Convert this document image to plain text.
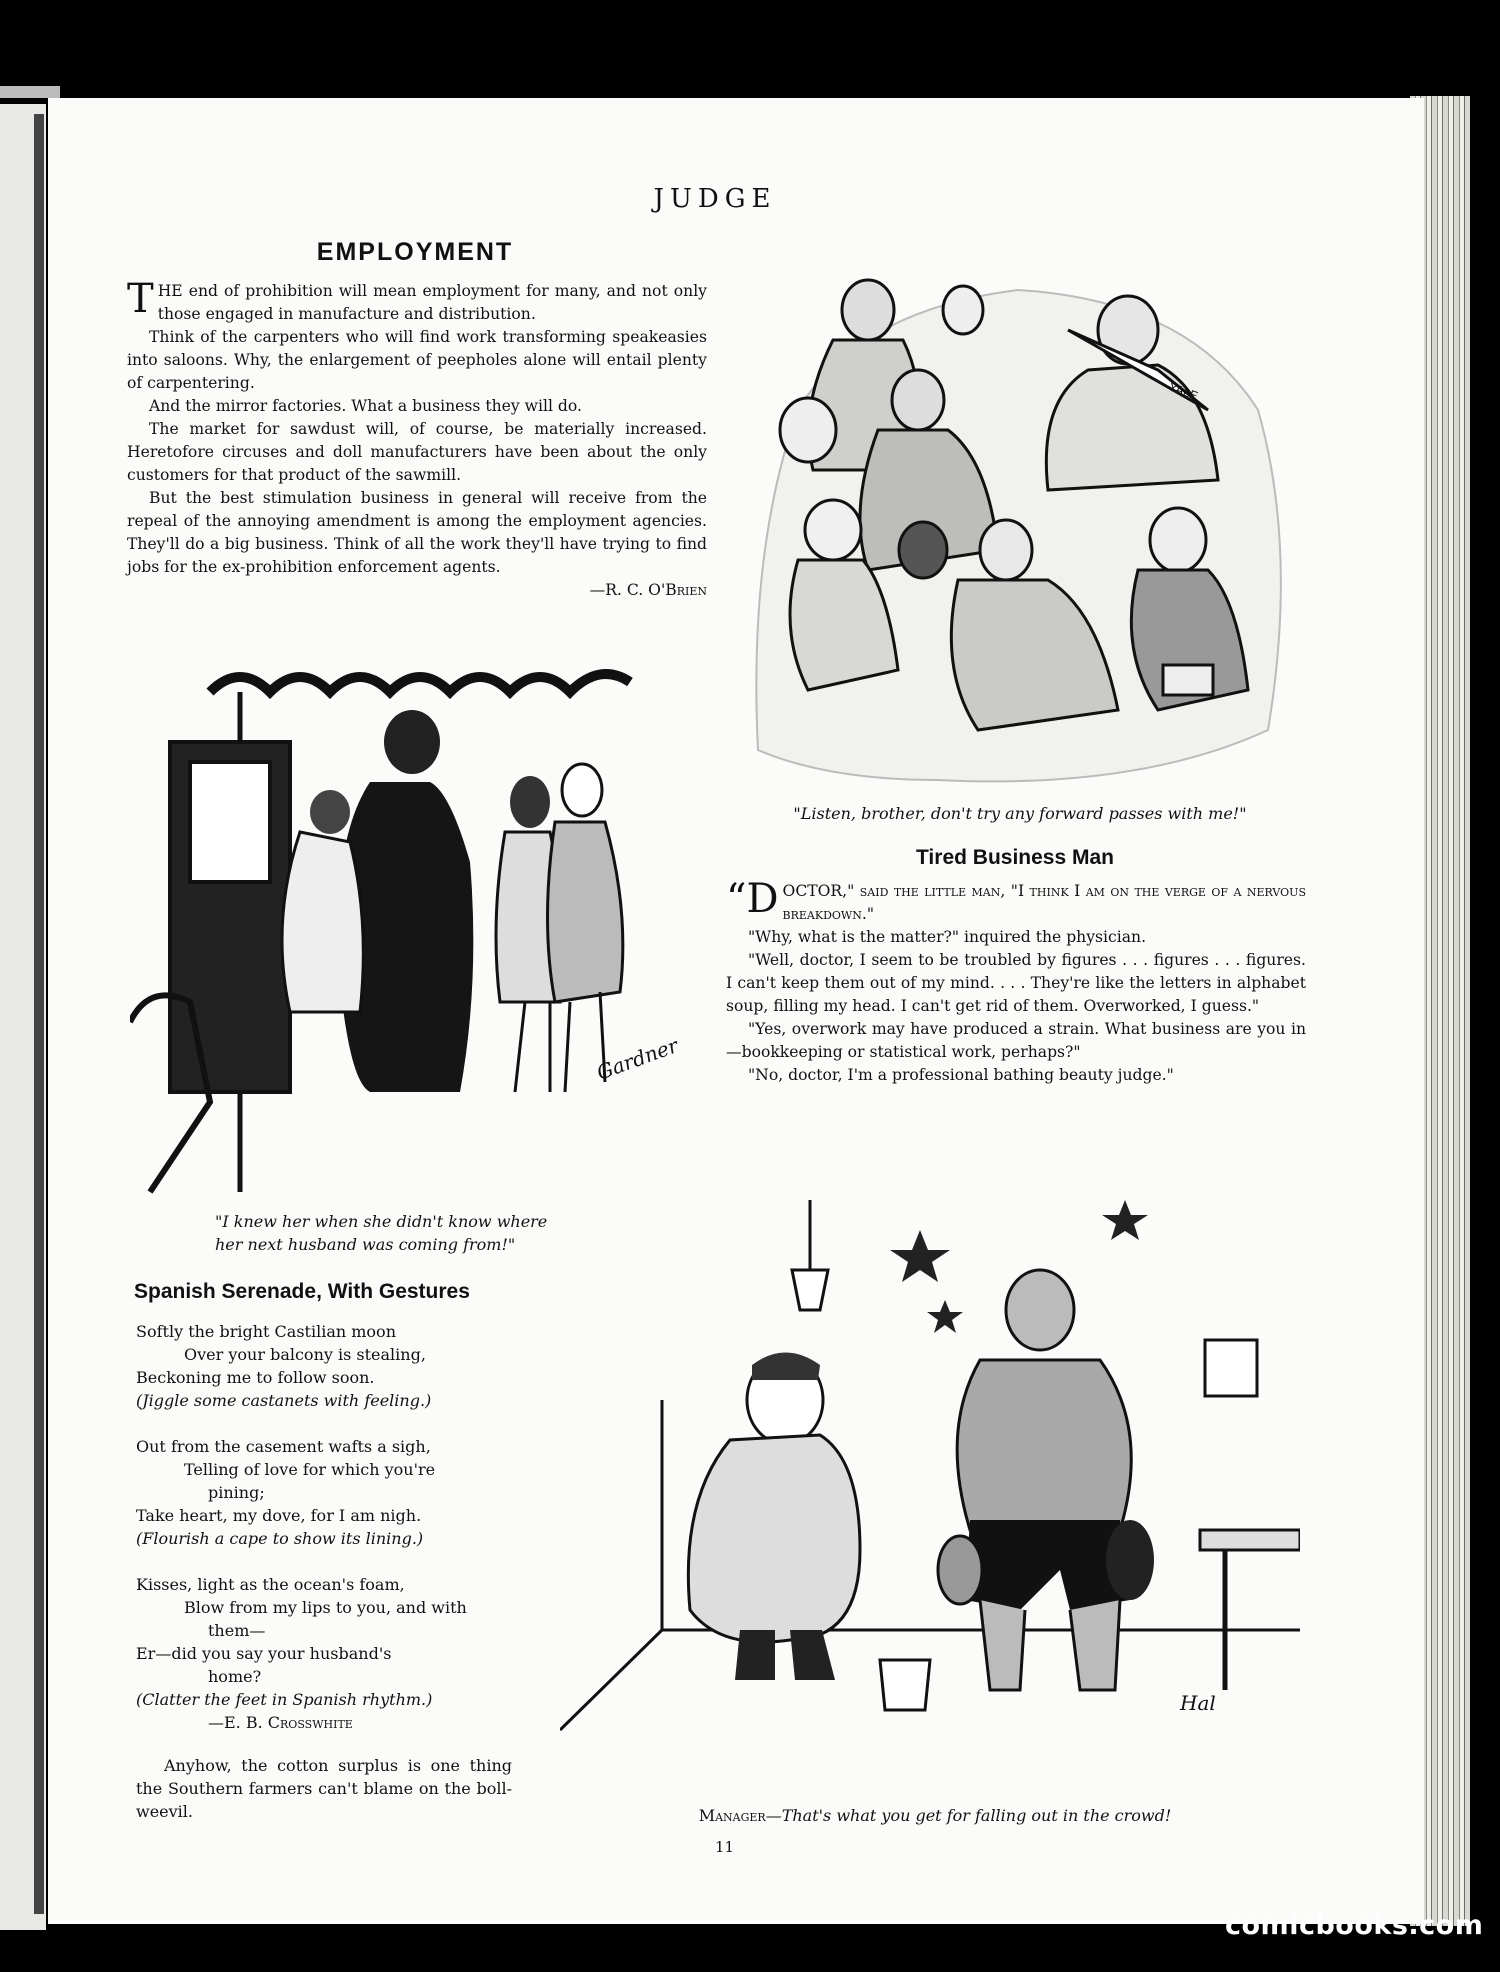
JUDGE
EMPLOYMENT

THE end of prohibition will mean employment for many, and not only those engaged in manufacture and distribution.

Think of the carpenters who will find work transforming speakeasies into saloons. Why, the enlargement of peepholes alone will entail plenty of carpentering.

And the mirror factories. What a business they will do.

The market for sawdust will, of course, be materially increased. Heretofore circuses and doll manufacturers have been about the only customers for that product of the sawmill.

But the best stimulation business in general will receive from the repeal of the annoying amendment is among the employment agencies. They'll do a big business. Think of all the work they'll have trying to find jobs for the ex-prohibition enforcement agents.

—R. C. O'Brien
YALE
"Listen, brother, don't try any forward passes with me!"
Tired Business Man

“D OCTOR," said the little man, "I think I am on the verge of a nervous breakdown."

"Why, what is the matter?" inquired the physician.

"Well, doctor, I seem to be troubled by figures . . . figures . . . figures. I can't keep them out of my mind. . . . They're like the letters in alphabet soup, filling my head. I can't get rid of them. Overworked, I guess."

"Yes, overwork may have produced a strain. What business are you in—bookkeeping or statistical work, perhaps?"

"No, doctor, I'm a professional bathing beauty judge."

Gardner
"I knew her when she didn't know where
her next husband was coming from!"
Spanish Serenade, With Gestures
Softly the bright Castilian moon
Over your balcony is stealing,
Beckoning me to follow soon.
(Jiggle some castanets with feeling.)
Out from the casement wafts a sigh,
Telling of love for which you're
pining;
Take heart, my dove, for I am nigh.
(Flourish a cape to show its lining.)
Kisses, light as the ocean's foam,
Blow from my lips to you, and with
them—
Er—did you say your husband's
home?
(Clatter the feet in Spanish rhythm.)
—E. B. Crosswhite

Anyhow, the cotton surplus is one thing the Southern farmers can't blame on the boll-weevil.

Hal
Manager—That's what you get for falling out in the crowd!
11
comicbooks.com
